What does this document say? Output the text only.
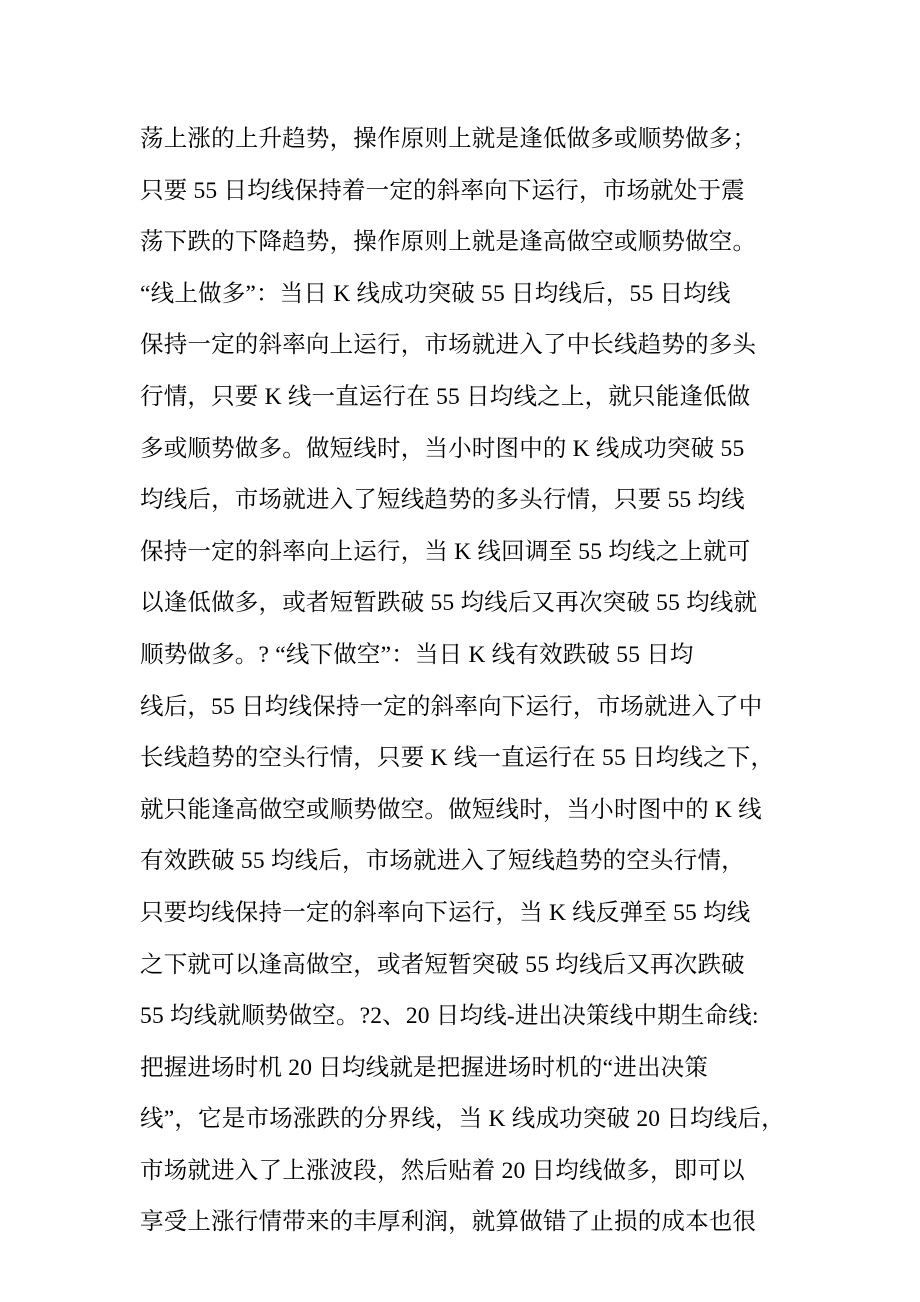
荡上涨的上升趋势，操作原则上就是逢低做多或顺势做多；
只要 55 日均线保持着一定的斜率向下运行，市场就处于震
荡下跌的下降趋势，操作原则上就是逢高做空或顺势做空。
“线上做多”：当日 K 线成功突破 55 日均线后，55 日均线
保持一定的斜率向上运行，市场就进入了中长线趋势的多头
行情，只要 K 线一直运行在 55 日均线之上，就只能逢低做
多或顺势做多。做短线时，当小时图中的 K 线成功突破 55
均线后，市场就进入了短线趋势的多头行情，只要 55 均线
保持一定的斜率向上运行，当 K 线回调至 55 均线之上就可
以逢低做多，或者短暂跌破 55 均线后又再次突破 55 均线就
顺势做多。? “线下做空”：当日 K 线有效跌破 55 日均
线后，55 日均线保持一定的斜率向下运行，市场就进入了中
长线趋势的空头行情，只要 K 线一直运行在 55 日均线之下，
就只能逢高做空或顺势做空。做短线时，当小时图中的 K 线
有效跌破 55 均线后，市场就进入了短线趋势的空头行情，
只要均线保持一定的斜率向下运行，当 K 线反弹至 55 均线
之下就可以逢高做空，或者短暂突破 55 均线后又再次跌破
55 均线就顺势做空。?2、20 日均线-进出决策线中期生命线:
把握进场时机 20 日均线就是把握进场时机的“进出决策
线”，它是市场涨跌的分界线，当 K 线成功突破 20 日均线后，
市场就进入了上涨波段，然后贴着 20 日均线做多，即可以
享受上涨行情带来的丰厚利润，就算做错了止损的成本也很
